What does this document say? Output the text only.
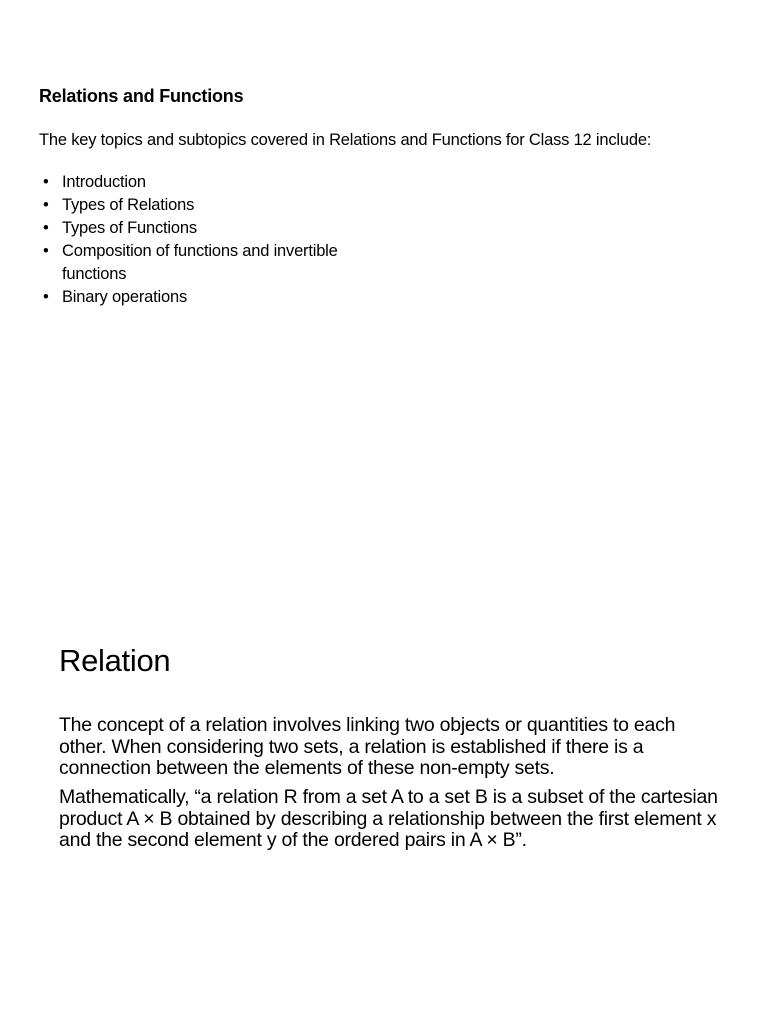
Relations and Functions

The key topics and subtopics covered in Relations and Functions for Class 12 include:

• Introduction
• Types of Relations
• Types of Functions
• Composition of functions and invertible functions
• Binary operations
Relation

The concept of a relation involves linking two objects or quantities to each other. When considering two sets, a relation is established if there is a connection between the elements of these non-empty sets.

Mathematically, “a relation R from a set A to a set B is a subset of the cartesian product A × B obtained by describing a relationship between the first element x and the second element y of the ordered pairs in A × B”.
